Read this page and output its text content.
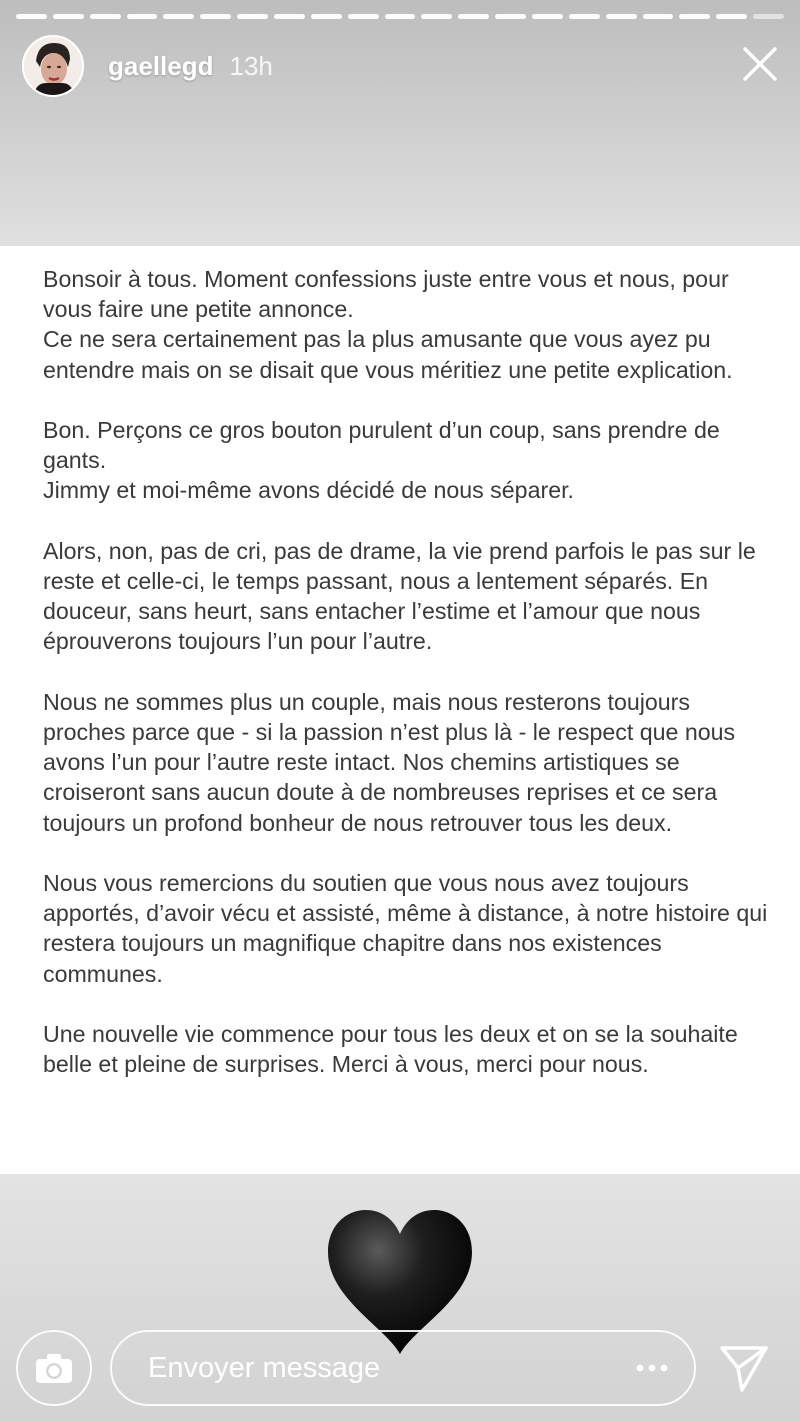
gaellegd 13h

Bonsoir à tous. Moment confessions juste entre vous et nous, pour vous faire une petite annonce.
Ce ne sera certainement pas la plus amusante que vous ayez pu entendre mais on se disait que vous méritiez une petite explication.

Bon. Perçons ce gros bouton purulent d’un coup, sans prendre de gants.
Jimmy et moi-même avons décidé de nous séparer.

Alors, non, pas de cri, pas de drame, la vie prend parfois le pas sur le reste et celle-ci, le temps passant, nous a lentement séparés. En douceur, sans heurt, sans entacher l’estime et l’amour que nous éprouverons toujours l’un pour l’autre.

Nous ne sommes plus un couple, mais nous resterons toujours proches parce que - si la passion n’est plus là - le respect que nous avons l’un pour l’autre reste intact. Nos chemins artistiques se croiseront sans aucun doute à de nombreuses reprises et ce sera toujours un profond bonheur de nous retrouver tous les deux.

Nous vous remercions du soutien que vous nous avez toujours apportés, d’avoir vécu et assisté, même à distance, à notre histoire qui restera toujours un magnifique chapitre dans nos existences communes.

Une nouvelle vie commence pour tous les deux et on se la souhaite belle et pleine de surprises. Merci à vous, merci pour nous.

Envoyer message
